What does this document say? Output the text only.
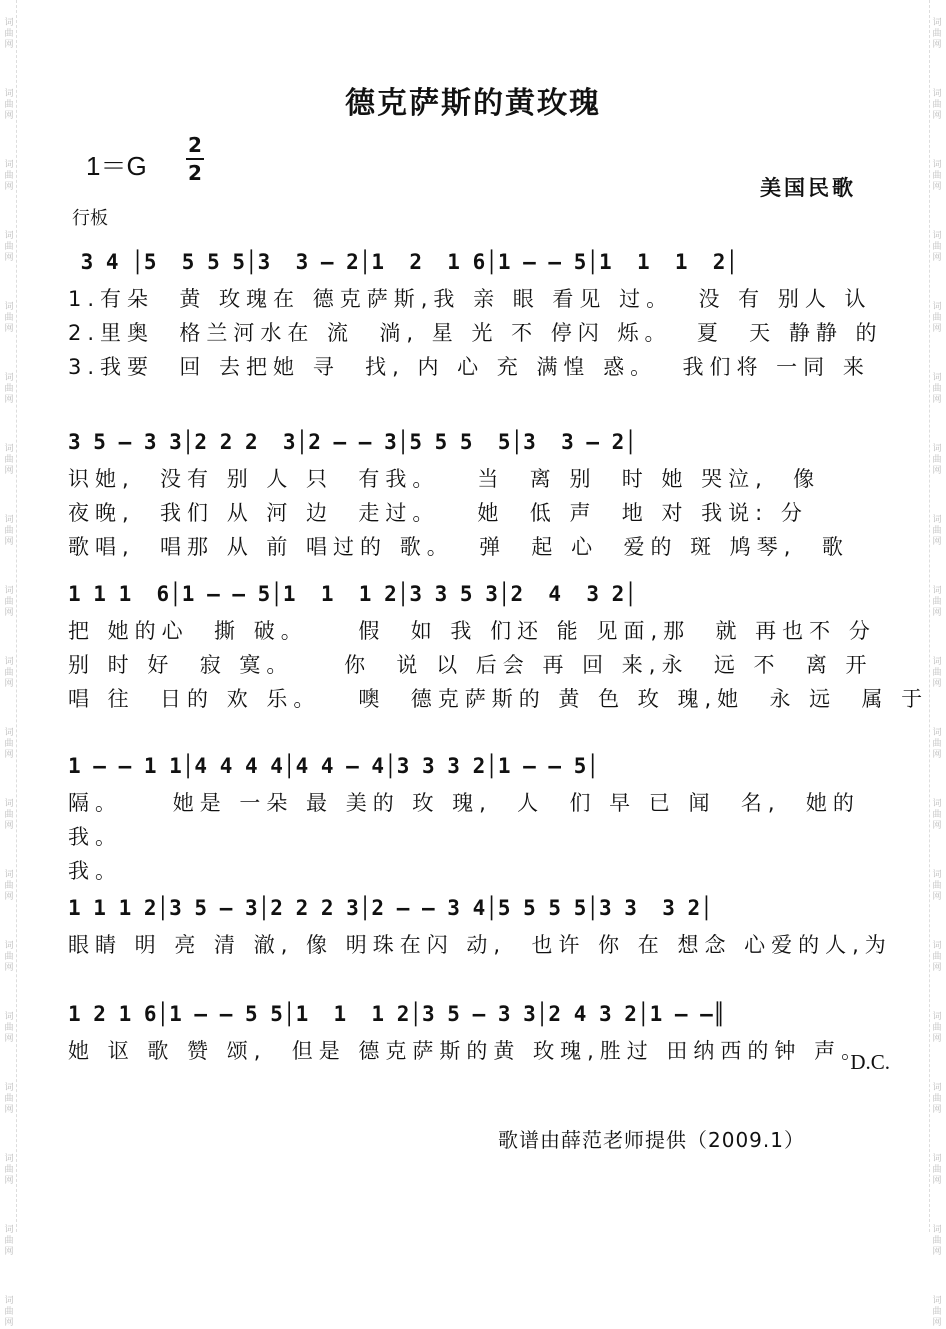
词曲网
词曲网
词曲网
词曲网
词曲网
词曲网
词曲网
词曲网
词曲网
词曲网
词曲网
词曲网
词曲网
词曲网
词曲网
词曲网
词曲网
词曲网
词曲网
词曲网
词曲网
词曲网
词曲网
词曲网
词曲网
词曲网
词曲网
词曲网
词曲网
词曲网
词曲网
词曲网
词曲网
词曲网
词曲网
词曲网
词曲网
词曲网
德克萨斯的黄玫瑰
1＝G
2
2
美国民歌
行板
3 4 │5  5 5 5│3  3 — 2│1  2  1 6│1 — — 5│1  1  1  2│
1.有朵  黄 玫瑰在 德克萨斯,我 亲 眼 看见 过。  没 有 别人 认
2.里奥  格兰河水在 流  淌, 星 光 不 停闪 烁。  夏  天 静静 的
3.我要  回 去把她 寻  找, 内 心 充 满惶 惑。  我们将 一同 来
3 5 — 3 3│2 2 2  3│2 — — 3│5 5 5  5│3  3 — 2│
识她,  没有 别 人 只  有我。   当  离 别  时 她 哭泣,  像
夜晚,  我们 从 河 边  走过。   她  低 声  地 对 我说: 分
歌唱,  唱那 从 前 唱过的 歌。  弹  起 心  爱的 斑 鸠琴,  歌
1 1 1  6│1 — — 5│1  1  1 2│3 3 5 3│2  4  3 2│
把 她的心  撕 破。    假  如 我 们还 能 见面,那  就 再也不 分
别 时 好  寂 寞。    你  说 以 后会 再 回 来,永  远 不  离 开
唱 往  日的 欢 乐。   噢  德克萨斯的 黄 色 玫 瑰,她  永 远  属 于
1 — — 1 1│4 4 4 4│4 4 — 4│3 3 3 2│1 — — 5│
隔。    她是 一朵 最 美的 玫 瑰,  人  们 早 已 闻  名,  她的
我。
我。
1 1 1 2│3 5 — 3│2 2 2 3│2 — — 3 4│5 5 5 5│3 3  3 2│
眼睛 明 亮 清 澈, 像 明珠在闪 动,  也许 你 在 想念 心爱的人,为
1 2 1 6│1 — — 5 5│1  1  1 2│3 5 — 3 3│2 4 3 2│1 — —║
她 讴 歌 赞 颂,  但是 德克萨斯的黄 玫瑰,胜过 田纳西的钟 声。
D.C.
歌谱由薛范老师提供（2009.1）
